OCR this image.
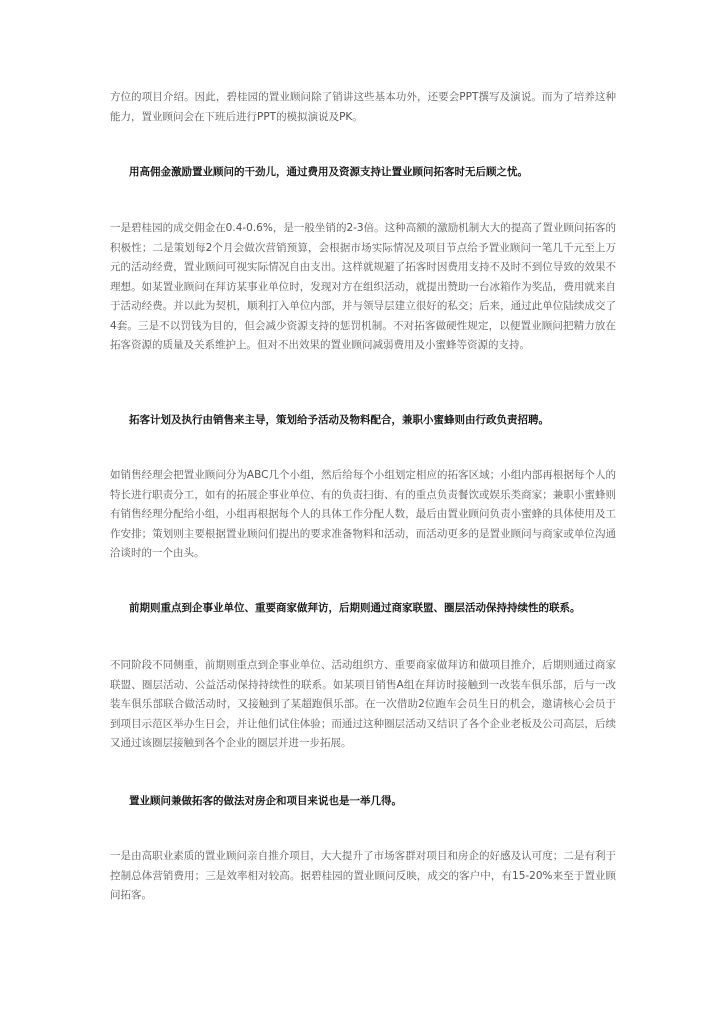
方位的项目介绍。因此，碧桂园的置业顾问除了销讲这些基本功外，还要会PPT撰写及演说。而为了培养这种能力，置业顾问会在下班后进行PPT的模拟演说及PK。
用高佣金激励置业顾问的干劲儿，通过费用及资源支持让置业顾问拓客时无后顾之忧。
一是碧桂园的成交佣金在0.4-0.6%，是一般坐销的2-3倍。这种高额的激励机制大大的提高了置业顾问拓客的积极性；二是策划每2个月会做次营销预算，会根据市场实际情况及项目节点给予置业顾问一笔几千元至上万元的活动经费，置业顾问可视实际情况自由支出。这样就规避了拓客时因费用支持不及时不到位导致的效果不理想。如某置业顾问在拜访某事业单位时，发现对方在组织活动，就提出赞助一台冰箱作为奖品，费用就来自于活动经费。并以此为契机，顺利打入单位内部，并与领导层建立很好的私交；后来，通过此单位陆续成交了4套。三是不以罚钱为目的，但会减少资源支持的惩罚机制。不对拓客做硬性规定，以便置业顾问把精力放在拓客资源的质量及关系维护上。但对不出效果的置业顾问减弱费用及小蜜蜂等资源的支持。
拓客计划及执行由销售来主导，策划给予活动及物料配合，兼职小蜜蜂则由行政负责招聘。
如销售经理会把置业顾问分为ABC几个小组，然后给每个小组划定相应的拓客区域；小组内部再根据每个人的特长进行职责分工，如有的拓展企事业单位、有的负责扫街、有的重点负责餐饮或娱乐类商家；兼职小蜜蜂则有销售经理分配给小组，小组再根据每个人的具体工作分配人数，最后由置业顾问负责小蜜蜂的具体使用及工作安排；策划则主要根据置业顾问们提出的要求准备物料和活动，而活动更多的是置业顾问与商家或单位沟通洽谈时的一个由头。
前期则重点到企事业单位、重要商家做拜访，后期则通过商家联盟、圈层活动保持持续性的联系。
不同阶段不同侧重，前期则重点到企事业单位、活动组织方、重要商家做拜访和做项目推介，后期则通过商家联盟、圈层活动、公益活动保持持续性的联系。如某项目销售A组在拜访时接触到一改装车俱乐部，后与一改装车俱乐部联合做活动时，又接触到了某超跑俱乐部。在一次借助2位跑车会员生日的机会，邀请核心会员于到项目示范区举办生日会，并让他们试住体验；而通过这种圈层活动又结识了各个企业老板及公司高层，后续又通过该圈层接触到各个企业的圈层并进一步拓展。
置业顾问兼做拓客的做法对房企和项目来说也是一举几得。
一是由高职业素质的置业顾问亲自推介项目，大大提升了市场客群对项目和房企的好感及认可度；二是有利于控制总体营销费用；三是效率相对较高。据碧桂园的置业顾问反映，成交的客户中，有15-20%来至于置业顾问拓客。
